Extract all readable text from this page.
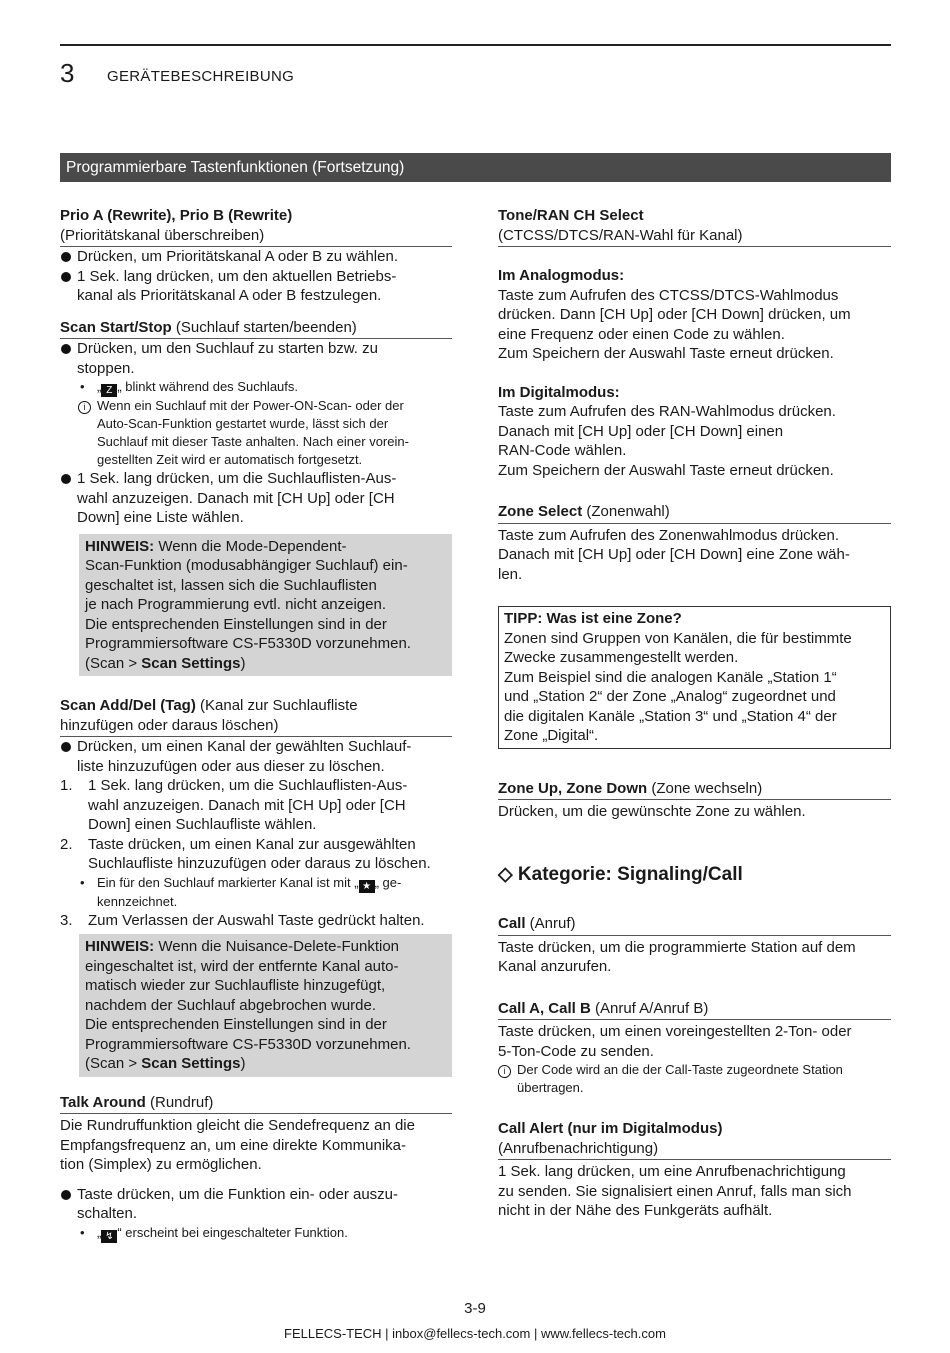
3 GERÄTEBESCHREIBUNG
Programmierbare Tastenfunktionen (Fortsetzung)
Prio A (Rewrite), Prio B (Rewrite)
(Prioritätskanal überschreiben)
Drücken, um Prioritätskanal A oder B zu wählen.
1 Sek. lang drücken, um den aktuellen Betriebs-
kanal als Prioritätskanal A oder B festzulegen.
Scan Start/Stop (Suchlauf starten/beenden)
Drücken, um den Suchlauf zu starten bzw. zu
stoppen.
• „ Z „ blinkt während des Suchlaufs.
i Wenn ein Suchlauf mit der Power-ON-Scan- oder der
Auto-Scan-Funktion gestartet wurde, lässt sich der
Suchlauf mit dieser Taste anhalten. Nach einer vorein-
gestellten Zeit wird er automatisch fortgesetzt.
1 Sek. lang drücken, um die Suchlauflisten-Aus-
wahl anzuzeigen. Danach mit [CH Up] oder [CH
Down] eine Liste wählen.
HINWEIS: Wenn die Mode-Dependent-
Scan-Funktion (modusabhängiger Suchlauf) ein-
geschaltet ist, lassen sich die Suchlauflisten
je nach Programmierung evtl. nicht anzeigen.
Die entsprechenden Einstellungen sind in der
Programmiersoftware CS-F5330D vorzunehmen.
(Scan > Scan Settings)
Scan Add/Del (Tag) (Kanal zur Suchlaufliste
hinzufügen oder daraus löschen)
Drücken, um einen Kanal der gewählten Suchlauf-
liste hinzuzufügen oder aus dieser zu löschen.
1. 1 Sek. lang drücken, um die Suchlauflisten-Aus-
wahl anzuzeigen. Danach mit [CH Up] oder [CH
Down] einen Suchlaufliste wählen.
2. Taste drücken, um einen Kanal zur ausgewählten
Suchlaufliste hinzuzufügen oder daraus zu löschen.
• Ein für den Suchlauf markierter Kanal ist mit „ ★ „ ge-
kennzeichnet.
3. Zum Verlassen der Auswahl Taste gedrückt halten.
HINWEIS: Wenn die Nuisance-Delete-Funktion
eingeschaltet ist, wird der entfernte Kanal auto-
matisch wieder zur Suchlaufliste hinzugefügt,
nachdem der Suchlauf abgebrochen wurde.
Die entsprechenden Einstellungen sind in der
Programmiersoftware CS-F5330D vorzunehmen.
(Scan > Scan Settings)
Talk Around (Rundruf)
Die Rundruffunktion gleicht die Sendefrequenz an die
Empfangsfrequenz an, um eine direkte Kommunika-
tion (Simplex) zu ermöglichen.
Taste drücken, um die Funktion ein- oder auszu-
schalten.
• „ ↯ “ erscheint bei eingeschalteter Funktion.
Tone/RAN CH Select
(CTCSS/DTCS/RAN-Wahl für Kanal)
Im Analogmodus:
Taste zum Aufrufen des CTCSS/DTCS-Wahlmodus
drücken. Dann [CH Up] oder [CH Down] drücken, um
eine Frequenz oder einen Code zu wählen.
Zum Speichern der Auswahl Taste erneut drücken.
Im Digitalmodus:
Taste zum Aufrufen des RAN-Wahlmodus drücken.
Danach mit [CH Up] oder [CH Down] einen
RAN-Code wählen.
Zum Speichern der Auswahl Taste erneut drücken.
Zone Select (Zonenwahl)
Taste zum Aufrufen des Zonenwahlmodus drücken.
Danach mit [CH Up] oder [CH Down] eine Zone wäh-
len.
TIPP: Was ist eine Zone?
Zonen sind Gruppen von Kanälen, die für bestimmte
Zwecke zusammengestellt werden.
Zum Beispiel sind die analogen Kanäle „Station 1“
und „Station 2“ der Zone „Analog“ zugeordnet und
die digitalen Kanäle „Station 3“ und „Station 4“ der
Zone „Digital“.
Zone Up, Zone Down (Zone wechseln)
Drücken, um die gewünschte Zone zu wählen.
◇ Kategorie: Signaling/Call
Call (Anruf)
Taste drücken, um die programmierte Station auf dem
Kanal anzurufen.
Call A, Call B (Anruf A/Anruf B)
Taste drücken, um einen voreingestellten 2-Ton- oder
5-Ton-Code zu senden.
i Der Code wird an die der Call-Taste zugeordnete Station
übertragen.
Call Alert (nur im Digitalmodus)
(Anrufbenachrichtigung)
1 Sek. lang drücken, um eine Anrufbenachrichtigung
zu senden. Sie signalisiert einen Anruf, falls man sich
nicht in der Nähe des Funkgeräts aufhält.
3-9
FELLECS-TECH | inbox@fellecs-tech.com | www.fellecs-tech.com
